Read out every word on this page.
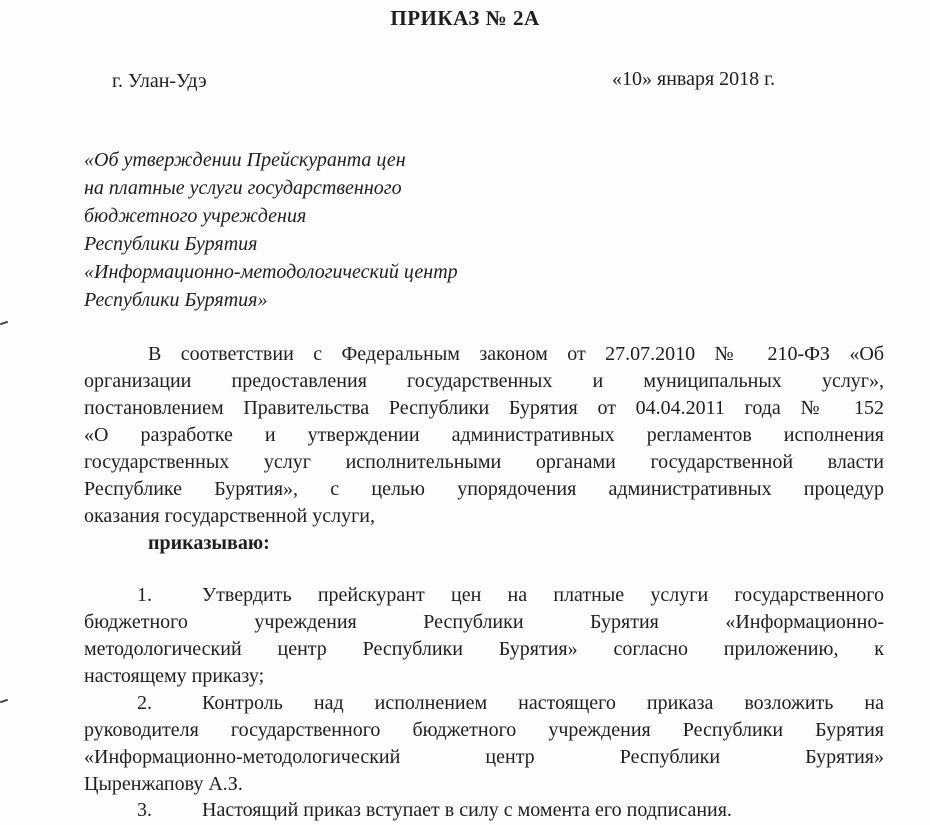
ПРИКАЗ № 2А
г. Улан-Удэ	«10» января 2018 г.
«Об утверждении Прейскуранта цен
на платные услуги государственного
бюджетного учреждения
Республики Бурятия
«Информационно-методологический центр
Республики Бурятия»
В соответствии с Федеральным законом от 27.07.2010 № 210-ФЗ «Об
организации предоставления государственных и муниципальных услуг»,
постановлением Правительства Республики Бурятия от 04.04.2011 года № 152
«О разработке и утверждении административных регламентов исполнения
государственных услуг исполнительными органами государственной власти
Республике Бурятия», с целью упорядочения административных процедур
оказания государственной услуги,
приказываю:
1.	Утвердить прейскурант цен на платные услуги государственного
бюджетного учреждения Республики Бурятия «Информационно-
методологический центр Республики Бурятия» согласно приложению, к
настоящему приказу;
2.	Контроль над исполнением настоящего приказа возложить на
руководителя государственного бюджетного учреждения Республики Бурятия
«Информационно-методологический центр Республики Бурятия»
Цыренжапову А.З.
3.	Настоящий приказ вступает в силу с момента его подписания.
